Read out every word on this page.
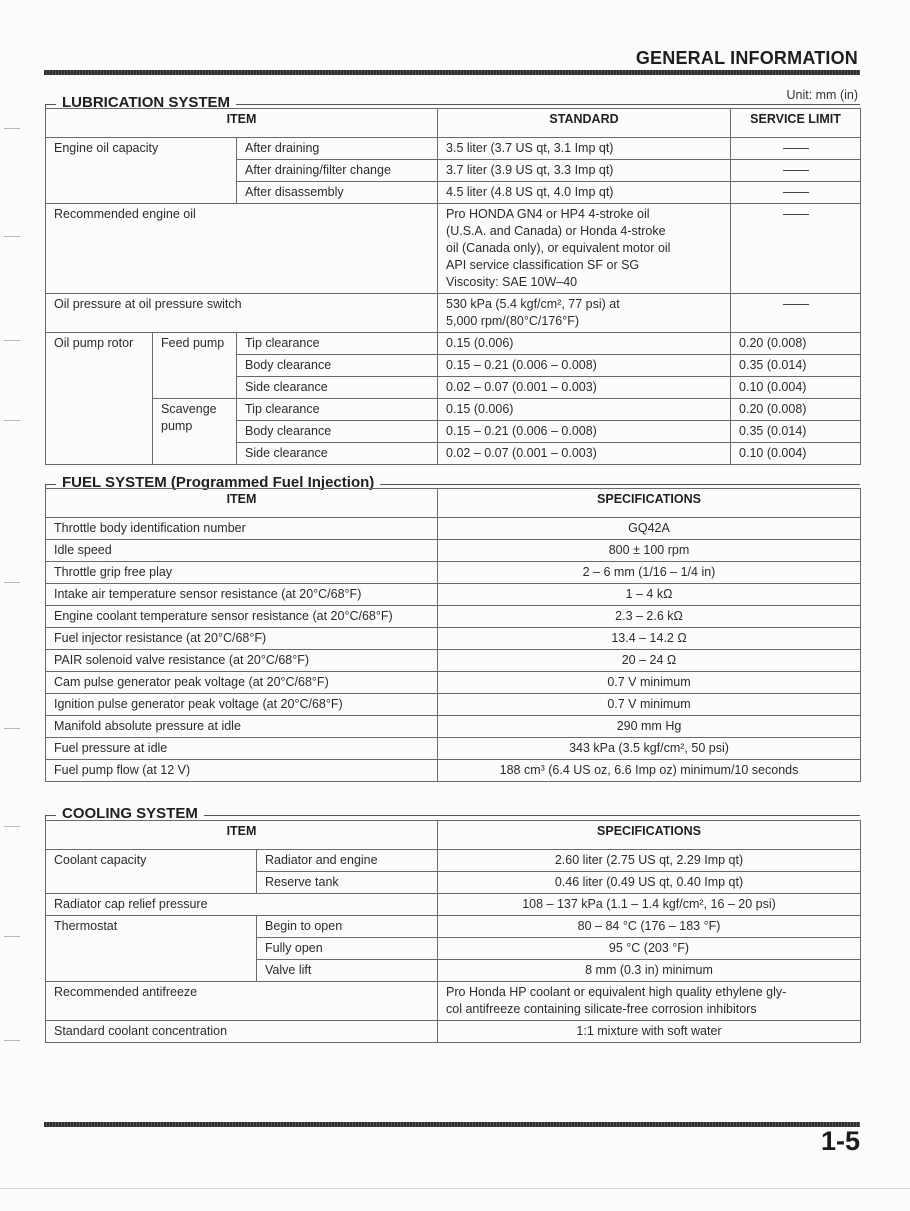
GENERAL INFORMATION
LUBRICATION SYSTEM	Unit: mm (in)
ITEM			STANDARD	SERVICE LIMIT
Engine oil capacity		After draining	3.5 liter (3.7 US qt, 3.1 Imp qt)	
		After draining/filter change	3.7 liter (3.9 US qt, 3.3 Imp qt)	
		After disassembly	4.5 liter (4.8 US qt, 4.0 Imp qt)	
Recommended engine oil			Pro HONDA GN4 or HP4 4-stroke oil
(U.S.A. and Canada) or Honda 4-stroke
oil (Canada only), or equivalent motor oil
API service classification SF or SG
Viscosity: SAE 10W–40	

Oil pressure at oil pressure switch			530 kPa (5.4 kgf/cm², 77 psi) at
5,000 rpm/(80°C/176°F)	

Oil pump rotor	Feed pump	Tip clearance	0.15 (0.006)	0.20 (0.008)
		Body clearance	0.15 – 0.21 (0.006 – 0.008)	0.35 (0.014)
		Side clearance	0.02 – 0.07 (0.001 – 0.003)	0.10 (0.004)

	Scavenge
pump	Tip clearance	0.15 (0.006)	0.20 (0.008)
		Body clearance	0.15 – 0.21 (0.006 – 0.008)	0.35 (0.014)
		Side clearance	0.02 – 0.07 (0.001 – 0.003)	0.10 (0.004)
FUEL SYSTEM (Programmed Fuel Injection)
ITEM	SPECIFICATIONS
Throttle body identification number	GQ42A
Idle speed	800 ± 100 rpm
Throttle grip free play	2 – 6 mm (1/16 – 1/4 in)
Intake air temperature sensor resistance (at 20°C/68°F)	1 – 4 kΩ
Engine coolant temperature sensor resistance (at 20°C/68°F)	2.3 – 2.6 kΩ
Fuel injector resistance (at 20°C/68°F)	13.4 – 14.2 Ω
PAIR solenoid valve resistance (at 20°C/68°F)	20 – 24 Ω
Cam pulse generator peak voltage (at 20°C/68°F)	0.7 V minimum
Ignition pulse generator peak voltage (at 20°C/68°F)	0.7 V minimum
Manifold absolute pressure at idle	290 mm Hg
Fuel pressure at idle	343 kPa (3.5 kgf/cm², 50 psi)
Fuel pump flow (at 12 V)	188 cm³ (6.4 US oz, 6.6 Imp oz) minimum/10 seconds
COOLING SYSTEM
ITEM		SPECIFICATIONS
Coolant capacity	Radiator and engine	2.60 liter (2.75 US qt, 2.29 Imp qt)
	Reserve tank	0.46 liter (0.49 US qt, 0.40 Imp qt)
Radiator cap relief pressure		108 – 137 kPa (1.1 – 1.4 kgf/cm², 16 – 20 psi)
Thermostat	Begin to open	80 – 84 °C (176 – 183 °F)
	Fully open	95 °C (203 °F)
	Valve lift	8 mm (0.3 in) minimum
Recommended antifreeze		Pro Honda HP coolant or equivalent high quality ethylene gly-
col antifreeze containing silicate-free corrosion inhibitors

Standard coolant concentration		1:1 mixture with soft water
1-5
